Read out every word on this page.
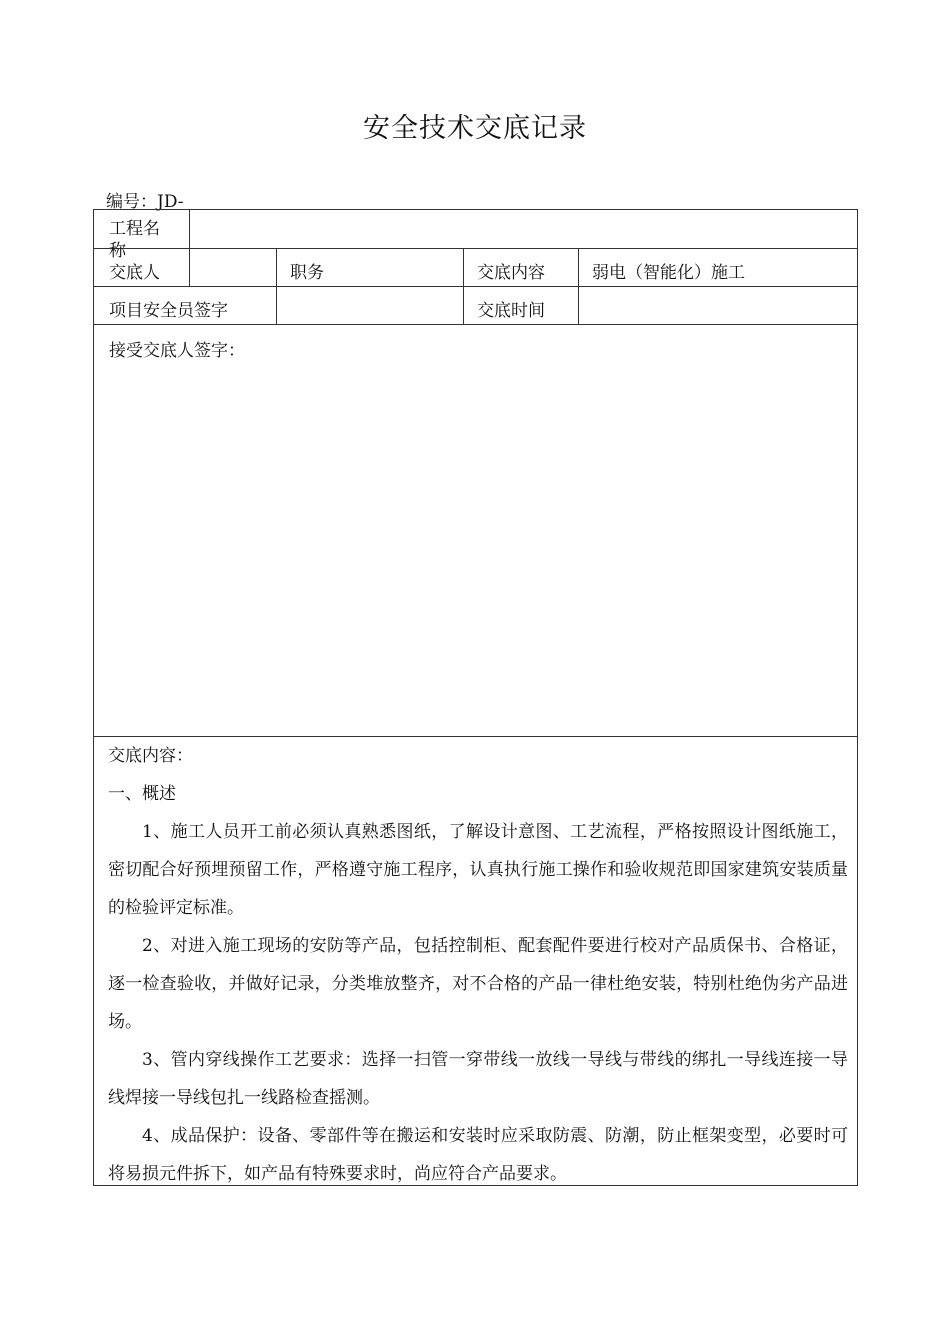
安全技术交底记录
编号：JD-
工程名称
交底人	职务	交底内容	弱电（智能化）施工
项目安全员签字	交底时间
接受交底人签字：

交底内容：

一、概述

1、施工人员开工前必须认真熟悉图纸，了解设计意图、工艺流程，严格按照设计图纸施工，密切配合好预埋预留工作，严格遵守施工程序，认真执行施工操作和验收规范即国家建筑安装质量的检验评定标准。

2、对进入施工现场的安防等产品，包括控制柜、配套配件要进行校对产品质保书、合格证，逐一检查验收，并做好记录，分类堆放整齐，对不合格的产品一律杜绝安装，特别杜绝伪劣产品进场。

3、管内穿线操作工艺要求：选择一扫管一穿带线一放线一导线与带线的绑扎一导线连接一导线焊接一导线包扎一线路检查摇测。

4、成品保护：设备、零部件等在搬运和安装时应采取防震、防潮，防止框架变型，必要时可将易损元件拆下，如产品有特殊要求时，尚应符合产品要求。
